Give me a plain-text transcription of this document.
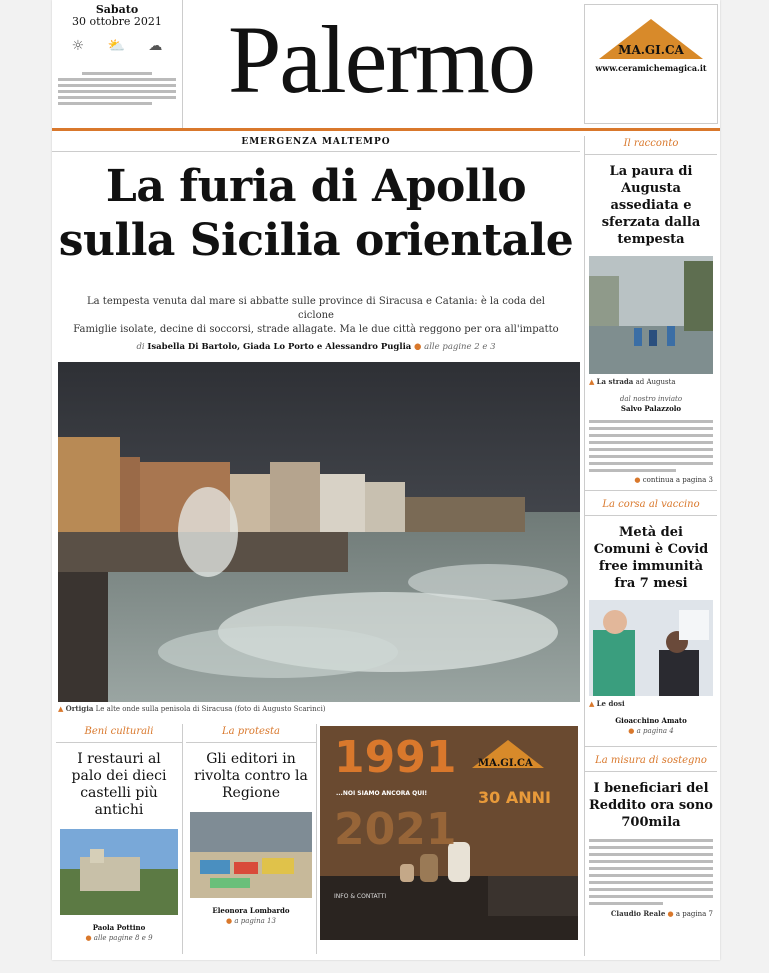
Sabato
30 ottobre 2021
☼ ⛅ ☁ Palermo	MA.GI.CA
www.ceramichemagica.it
EMERGENZA MALTEMPO
La furia di Apollo
sulla Sicilia orientale
La tempesta venuta dal mare si abbatte sulle province di Siracusa e Catania: è la coda del ciclone
Famiglie isolate, decine di soccorsi, strade allagate. Ma le due città reggono per ora all'impatto
di Isabella Di Bartolo, Giada Lo Porto e Alessandro Puglia ● alle pagine 2 e 3
▲ Ortigia Le alte onde sulla penisola di Siracusa (foto di Augusto Scarinci)
Il racconto
La paura di Augusta assediata e sferzata dalla tempesta
▲ La strada ad Augusta
dal nostro inviato
Salvo Palazzolo
● continua a pagina 3
La corsa al vaccino
Metà dei Comuni è Covid free immunità fra 7 mesi
▲ Le dosi
Gioacchino Amato
● a pagina 4
La misura di sostegno
I beneficiari del Reddito ora sono 700mila
Claudio Reale ● a pagina 7
Beni culturali
I restauri al palo dei dieci castelli più antichi
Paola Pottino
● alle pagine 8 e 9
La protesta
Gli editori in rivolta contro la Regione
Eleonora Lombardo
● a pagina 13
1991
2021
MA.GI.CA
...NOI SIAMO ANCORA QUI!	30 ANNI
INFO & CONTATTI
